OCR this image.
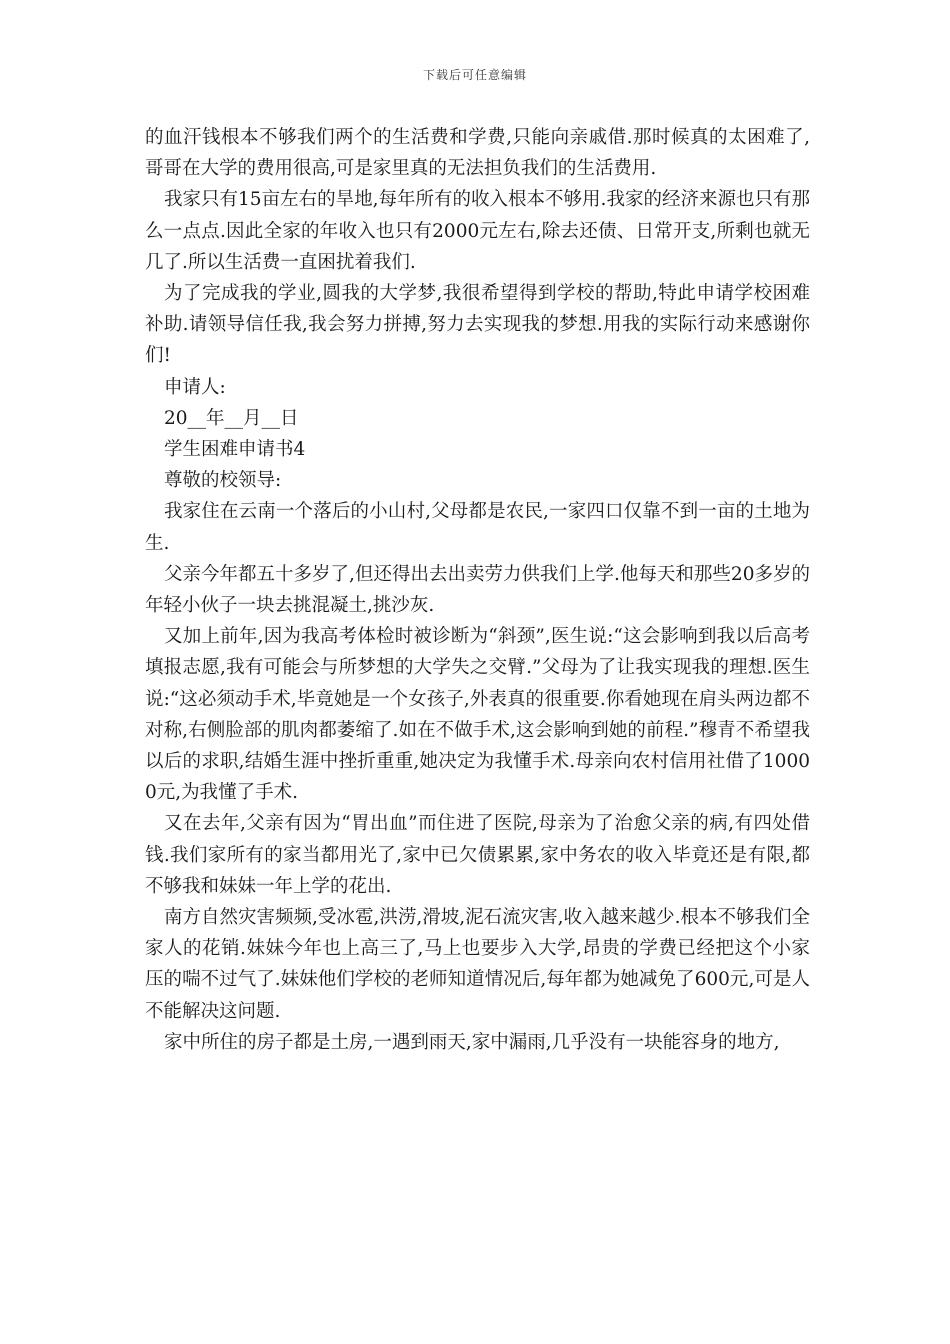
下载后可任意编辑

的血汗钱根本不够我们两个的生活费和学费,只能向亲戚借.那时候真的太困难了,哥哥在大学的费用很高,可是家里真的无法担负我们的生活费用.

我家只有15亩左右的旱地,每年所有的收入根本不够用.我家的经济来源也只有那么一点点.因此全家的年收入也只有2000元左右,除去还债、日常开支,所剩也就无几了.所以生活费一直困扰着我们.

为了完成我的学业,圆我的大学梦,我很希望得到学校的帮助,特此申请学校困难补助.请领导信任我,我会努力拼搏,努力去实现我的梦想.用我的实际行动来感谢你们!

申请人:

20__年__月__日

学生困难申请书4

尊敬的校领导:

我家住在云南一个落后的小山村,父母都是农民,一家四口仅靠不到一亩的土地为生.

父亲今年都五十多岁了,但还得出去出卖劳力供我们上学.他每天和那些20多岁的年轻小伙子一块去挑混凝土,挑沙灰.

又加上前年,因为我高考体检时被诊断为“斜颈”,医生说:“这会影响到我以后高考填报志愿,我有可能会与所梦想的大学失之交臂.”父母为了让我实现我的理想.医生说:“这必须动手术,毕竟她是一个女孩子,外表真的很重要.你看她现在肩头两边都不对称,右侧脸部的肌肉都萎缩了.如在不做手术,这会影响到她的前程.”穆青不希望我以后的求职,结婚生涯中挫折重重,她决定为我懂手术.母亲向农村信用社借了10000元,为我懂了手术.

又在去年,父亲有因为“胃出血”而住进了医院,母亲为了治愈父亲的病,有四处借钱.我们家所有的家当都用光了,家中已欠债累累,家中务农的收入毕竟还是有限,都不够我和妹妹一年上学的花出.

南方自然灾害频频,受冰雹,洪涝,滑坡,泥石流灾害,收入越来越少.根本不够我们全家人的花销.妹妹今年也上高三了,马上也要步入大学,昂贵的学费已经把这个小家压的喘不过气了.妹妹他们学校的老师知道情况后,每年都为她减免了600元,可是人不能解决这问题.

家中所住的房子都是土房,一遇到雨天,家中漏雨,几乎没有一块能容身的地方,
